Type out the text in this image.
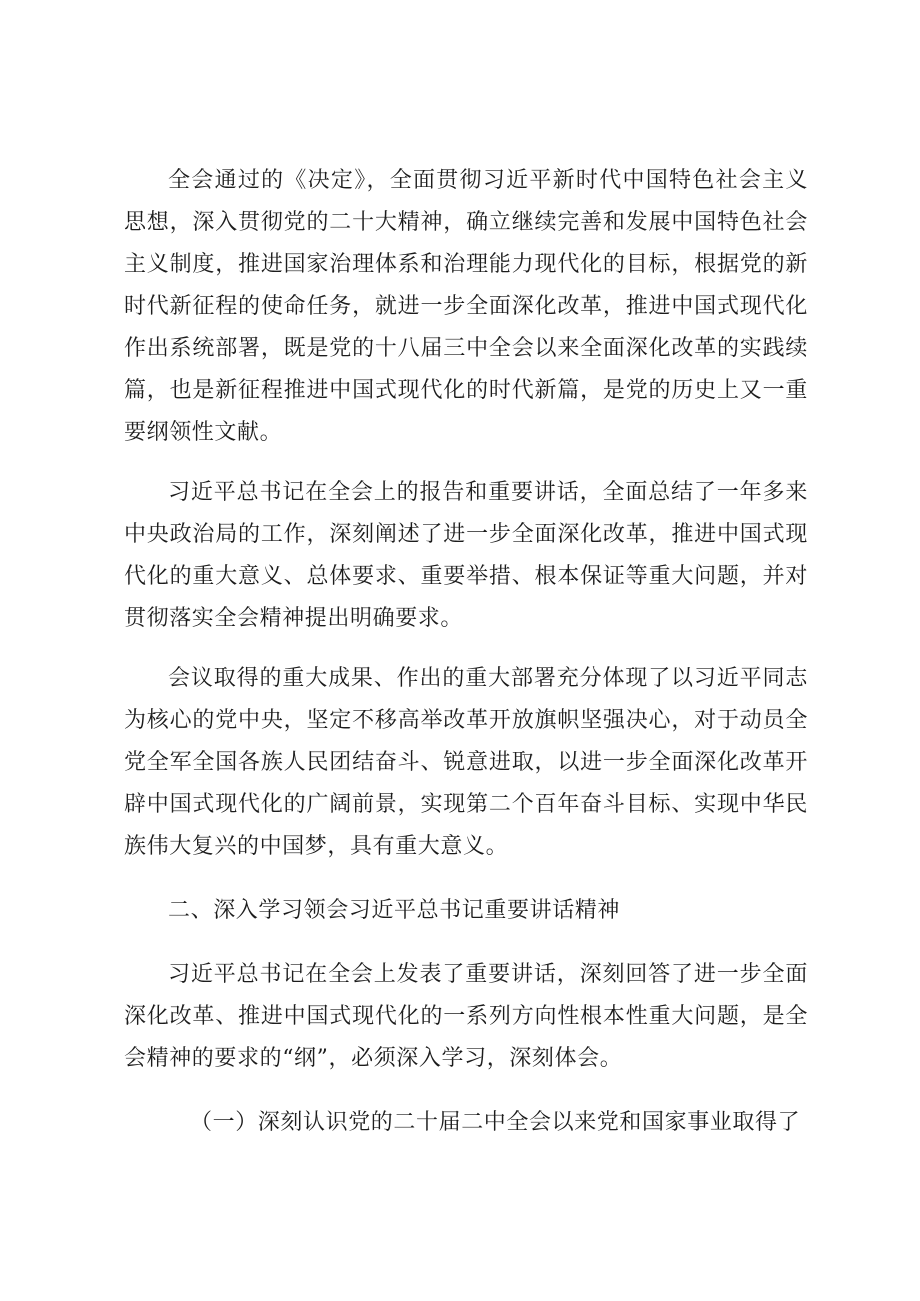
全会通过的《决定》，全面贯彻习近平新时代中国特色社会主义思想，深入贯彻党的二十大精神，确立继续完善和发展中国特色社会主义制度，推进国家治理体系和治理能力现代化的目标，根据党的新时代新征程的使命任务，就进一步全面深化改革，推进中国式现代化作出系统部署，既是党的十八届三中全会以来全面深化改革的实践续篇，也是新征程推进中国式现代化的时代新篇，是党的历史上又一重要纲领性文献。

习近平总书记在全会上的报告和重要讲话，全面总结了一年多来中央政治局的工作，深刻阐述了进一步全面深化改革，推进中国式现代化的重大意义、总体要求、重要举措、根本保证等重大问题，并对贯彻落实全会精神提出明确要求。

会议取得的重大成果、作出的重大部署充分体现了以习近平同志为核心的党中央，坚定不移高举改革开放旗帜坚强决心，对于动员全党全军全国各族人民团结奋斗、锐意进取，以进一步全面深化改革开辟中国式现代化的广阔前景，实现第二个百年奋斗目标、实现中华民族伟大复兴的中国梦，具有重大意义。

二、深入学习领会习近平总书记重要讲话精神

习近平总书记在全会上发表了重要讲话，深刻回答了进一步全面深化改革、推进中国式现代化的一系列方向性根本性重大问题，是全会精神的要求的“纲”，必须深入学习，深刻体会。

（一）深刻认识党的二十届二中全会以来党和国家事业取得了
